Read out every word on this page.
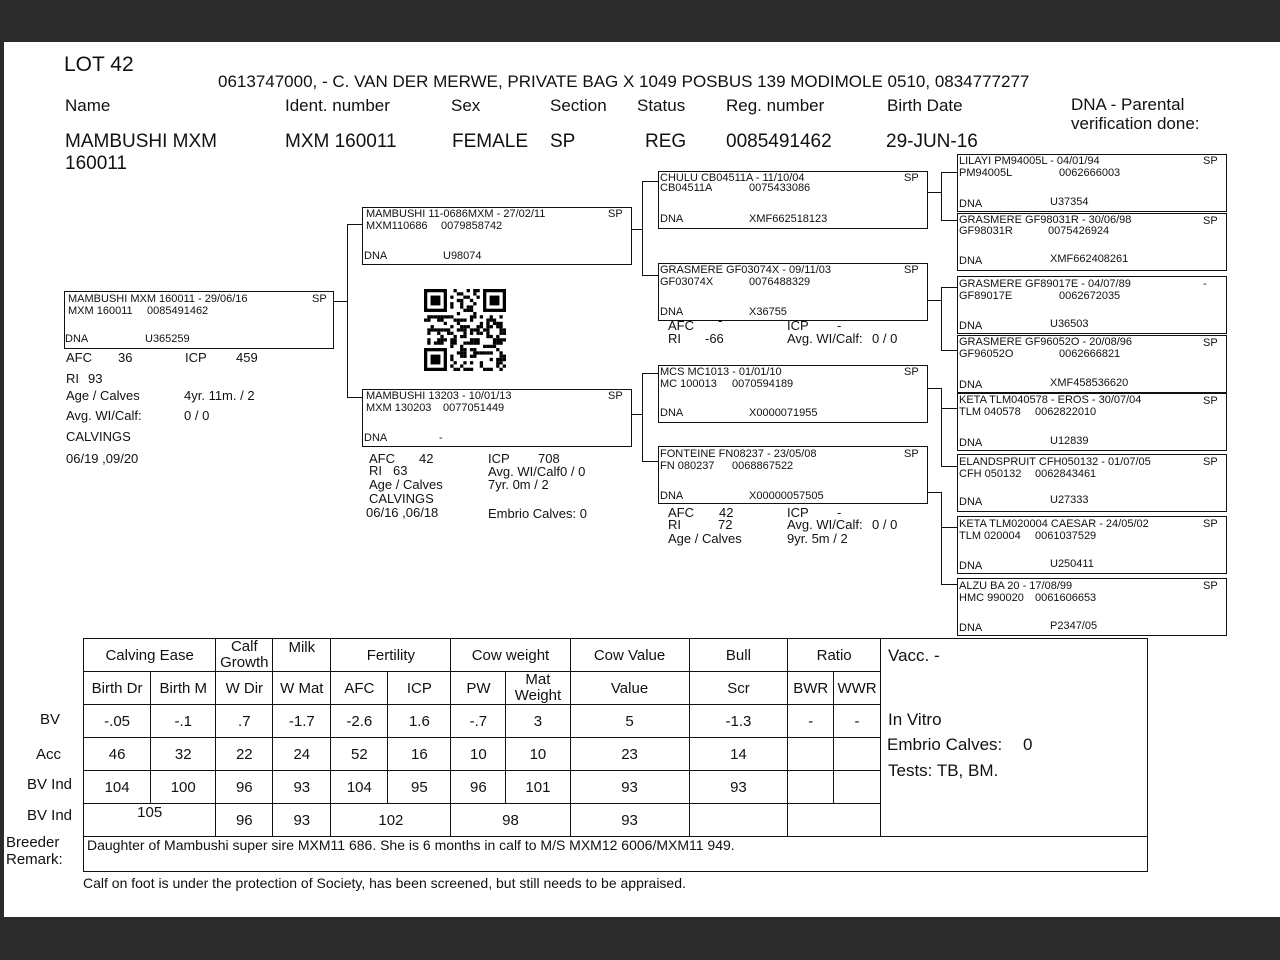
LOT 42
0613747000, - C. VAN DER MERWE, PRIVATE BAG X 1049 POSBUS 139 MODIMOLE 0510, 0834777277
Name	Ident. number	Sex	Section Status Reg. number	Birth Date	DNA - Parental verification done:
MAMBUSHI MXM 160011
MXM 160011	FEMALE SP	REG 0085491462	29-JUN-16
MAMBUSHI MXM 160011 - 29/06/16	SP
MXM 160011 0085491462
DNA	U365259
AFC 36	ICP 459
RI 93
Age / Calves	4yr. 11m. / 2
Avg. WI/Calf:	0 / 0
CALVINGS
06/19 ,09/20
MAMBUSHI 11-0686MXM - 27/02/11	SP
MXM110686 0079858742
DNA	U98074
MAMBUSHI 13203 - 10/01/13	SP
MXM 130203 0077051449
DNA	-
AFC 42	ICP 708
RI 63	Avg. WI/Calf0 / 0
Age / Calves	7yr. 0m / 2
CALVINGS
06/16 ,06/18	Embrio Calves: 0
CHULU CB04511A - 11/10/04	SP
CB04511A	0075433086
DNA	XMF662518123
GRASMERE GF03074X - 09/11/03	SP
GF03074X	0076488329
DNA	X36755
AFC -	ICP -
RI -66	Avg. WI/Calf: 0 / 0
MCS MC1013 - 01/01/10	SP
MC 100013 0070594189
DNA	X0000071955
FONTEINE FN08237 - 23/05/08	SP
FN 080237 0068867522
DNA	X00000057505
AFC 42	ICP -
RI	72	Avg. WI/Calf: 0 / 0
Age / Calves	9yr. 5m / 2
LILAYI PM94005L - 04/01/94	SP
PM94005L	0062666003
DNA	U37354
GRASMERE GF98031R - 30/06/98	SP
GF98031R	0075426924
DNA	XMF662408261
GRASMERE GF89017E - 04/07/89	-
GF89017E	0062672035
DNA	U36503
GRASMERE GF96052O - 20/08/96	SP
GF96052O	0062666821
DNA	XMF458536620
KETA TLM040578 - EROS - 30/07/04	SP
TLM 040578 0062822010
DNA	U12839
ELANDSPRUIT CFH050132 - 01/07/05	SP
CFH 050132 0062843461
DNA	U27333
KETA TLM020004 CAESAR - 24/05/02	SP
TLM 020004 0061037529
DNA	U250411
ALZU BA 20 - 17/08/99	SP
HMC 990020 0061606653
DNA	P2347/05
Calving Ease		Calf Growth	Milk	Fertility		Cow weight		Cow Value	Bull	Ratio	
Birth Dr	Birth M	W Dir	W Mat	AFC	ICP	PW	Mat Weight	Value	Scr	BWR	WWR
-.05	-.1	.7	-1.7	-2.6	1.6	-.7	3	5	-1.3	-	-
46	32	22	24	52	16	10	10	23	14		
104	100	96	93	104	95	96	101	93	93		
105		96	93	102		98		93			
BV
Acc
BV Ind
BV Ind
Vacc. -
In Vitro
Embrio Calves: 0
Tests: TB, BM.
Breeder Remark:
Daughter of Mambushi super sire MXM11 686. She is 6 months in calf to M/S MXM12 6006/MXM11 949.
Calf on foot is under the protection of Society, has been screened, but still needs to be appraised.
